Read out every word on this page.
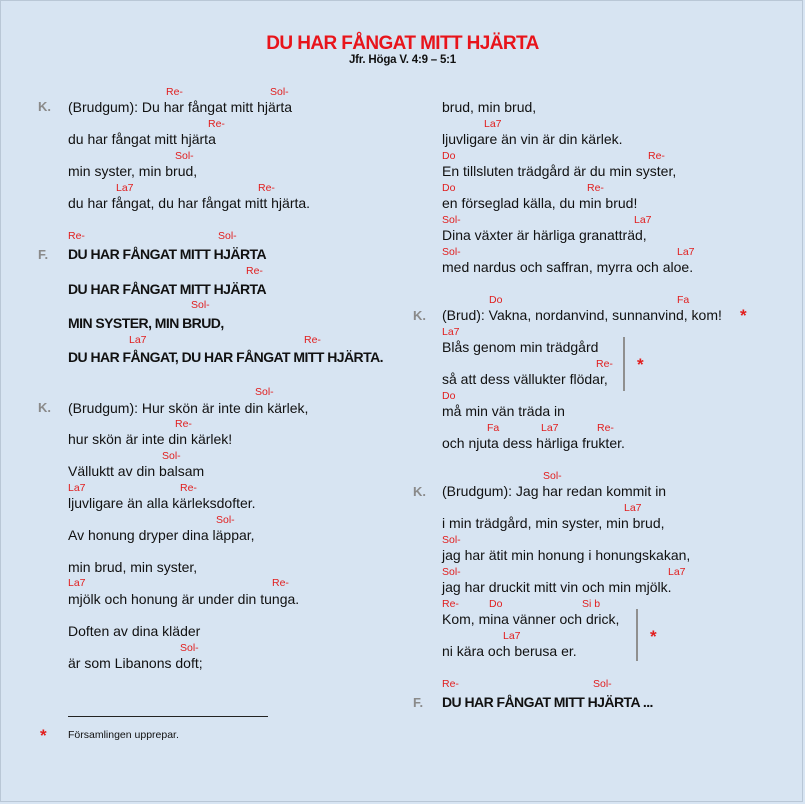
DU HAR FÅNGAT MITT HJÄRTA
Jfr. Höga V. 4:9 – 5:1
K.
Re-	Sol-
(Brudgum): Du har fångat mitt hjärta
Re-
du har fångat mitt hjärta
Sol-
min syster, min brud,
La7	Re-
du har fångat, du har fångat mitt hjärta.
F.
Re-	Sol-
DU HAR FÅNGAT MITT HJÄRTA
Re-
DU HAR FÅNGAT MITT HJÄRTA
Sol-
MIN SYSTER, MIN BRUD,
La7	Re-
DU HAR FÅNGAT, DU HAR FÅNGAT MITT HJÄRTA.
K.
Sol-
(Brudgum): Hur skön är inte din kärlek,
Re-
hur skön är inte din kärlek!
Sol-
Välluktt av din balsam
La7	Re-
ljuvligare än alla kärleksdofter.
Sol-
Av honung dryper dina läppar,
min brud, min syster,
La7	Re-
mjölk och honung är under din tunga.
Doften av dina kläder
Sol-
är som Libanons doft;
* Församlingen upprepar.
brud, min brud,
La7
ljuvligare än vin är din kärlek.
Do	Re-
En tillsluten trädgård är du min syster,
Do	Re-
en förseglad källa, du min brud!
Sol-	La7
Dina växter är härliga granatträd,
Sol-	La7
med nardus och saffran, myrra och aloe.
K.
Do	Fa
(Brud): Vakna, nordanvind, sunnanvind, kom! *
La7
Blås genom min trädgård
Re-
så att dess vällukter flödar,
*
Do
må min vän träda in
Fa	La7	Re-
och njuta dess härliga frukter.
K.
Sol-
(Brudgum): Jag har redan kommit in
La7
i min trädgård, min syster, min brud,
Sol-
jag har ätit min honung i honungskakan,
Sol-	La7
jag har druckit mitt vin och min mjölk.
Re-	Do	Si b
Kom, mina vänner och drick,
La7
ni kära och berusa er.
*
F.
Re-	Sol-
DU HAR FÅNGAT MITT HJÄRTA ...
